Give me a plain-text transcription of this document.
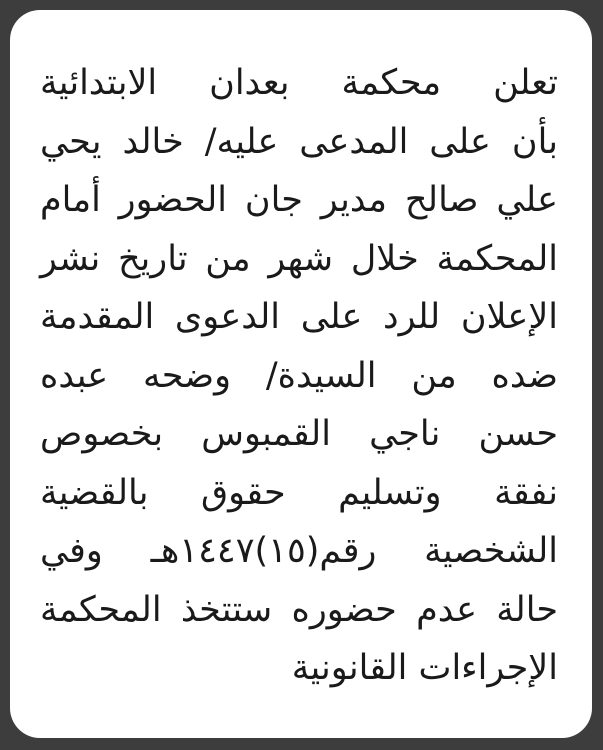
تعلن محكمة بعدان الابتدائية
بأن على المدعى عليه/ خالد يحي
علي صالح مدير جان الحضور أمام
المحكمة خلال شهر من تاريخ نشر
الإعلان للرد على الدعوى المقدمة
ضده من السيدة/ وضحه عبده
حسن ناجي القمبوس بخصوص
نفقة وتسليم حقوق بالقضية
الشخصية رقم(١٥)١٤٤٧هـ وفي
حالة عدم حضوره ستتخذ المحكمة
الإجراءات القانونية
